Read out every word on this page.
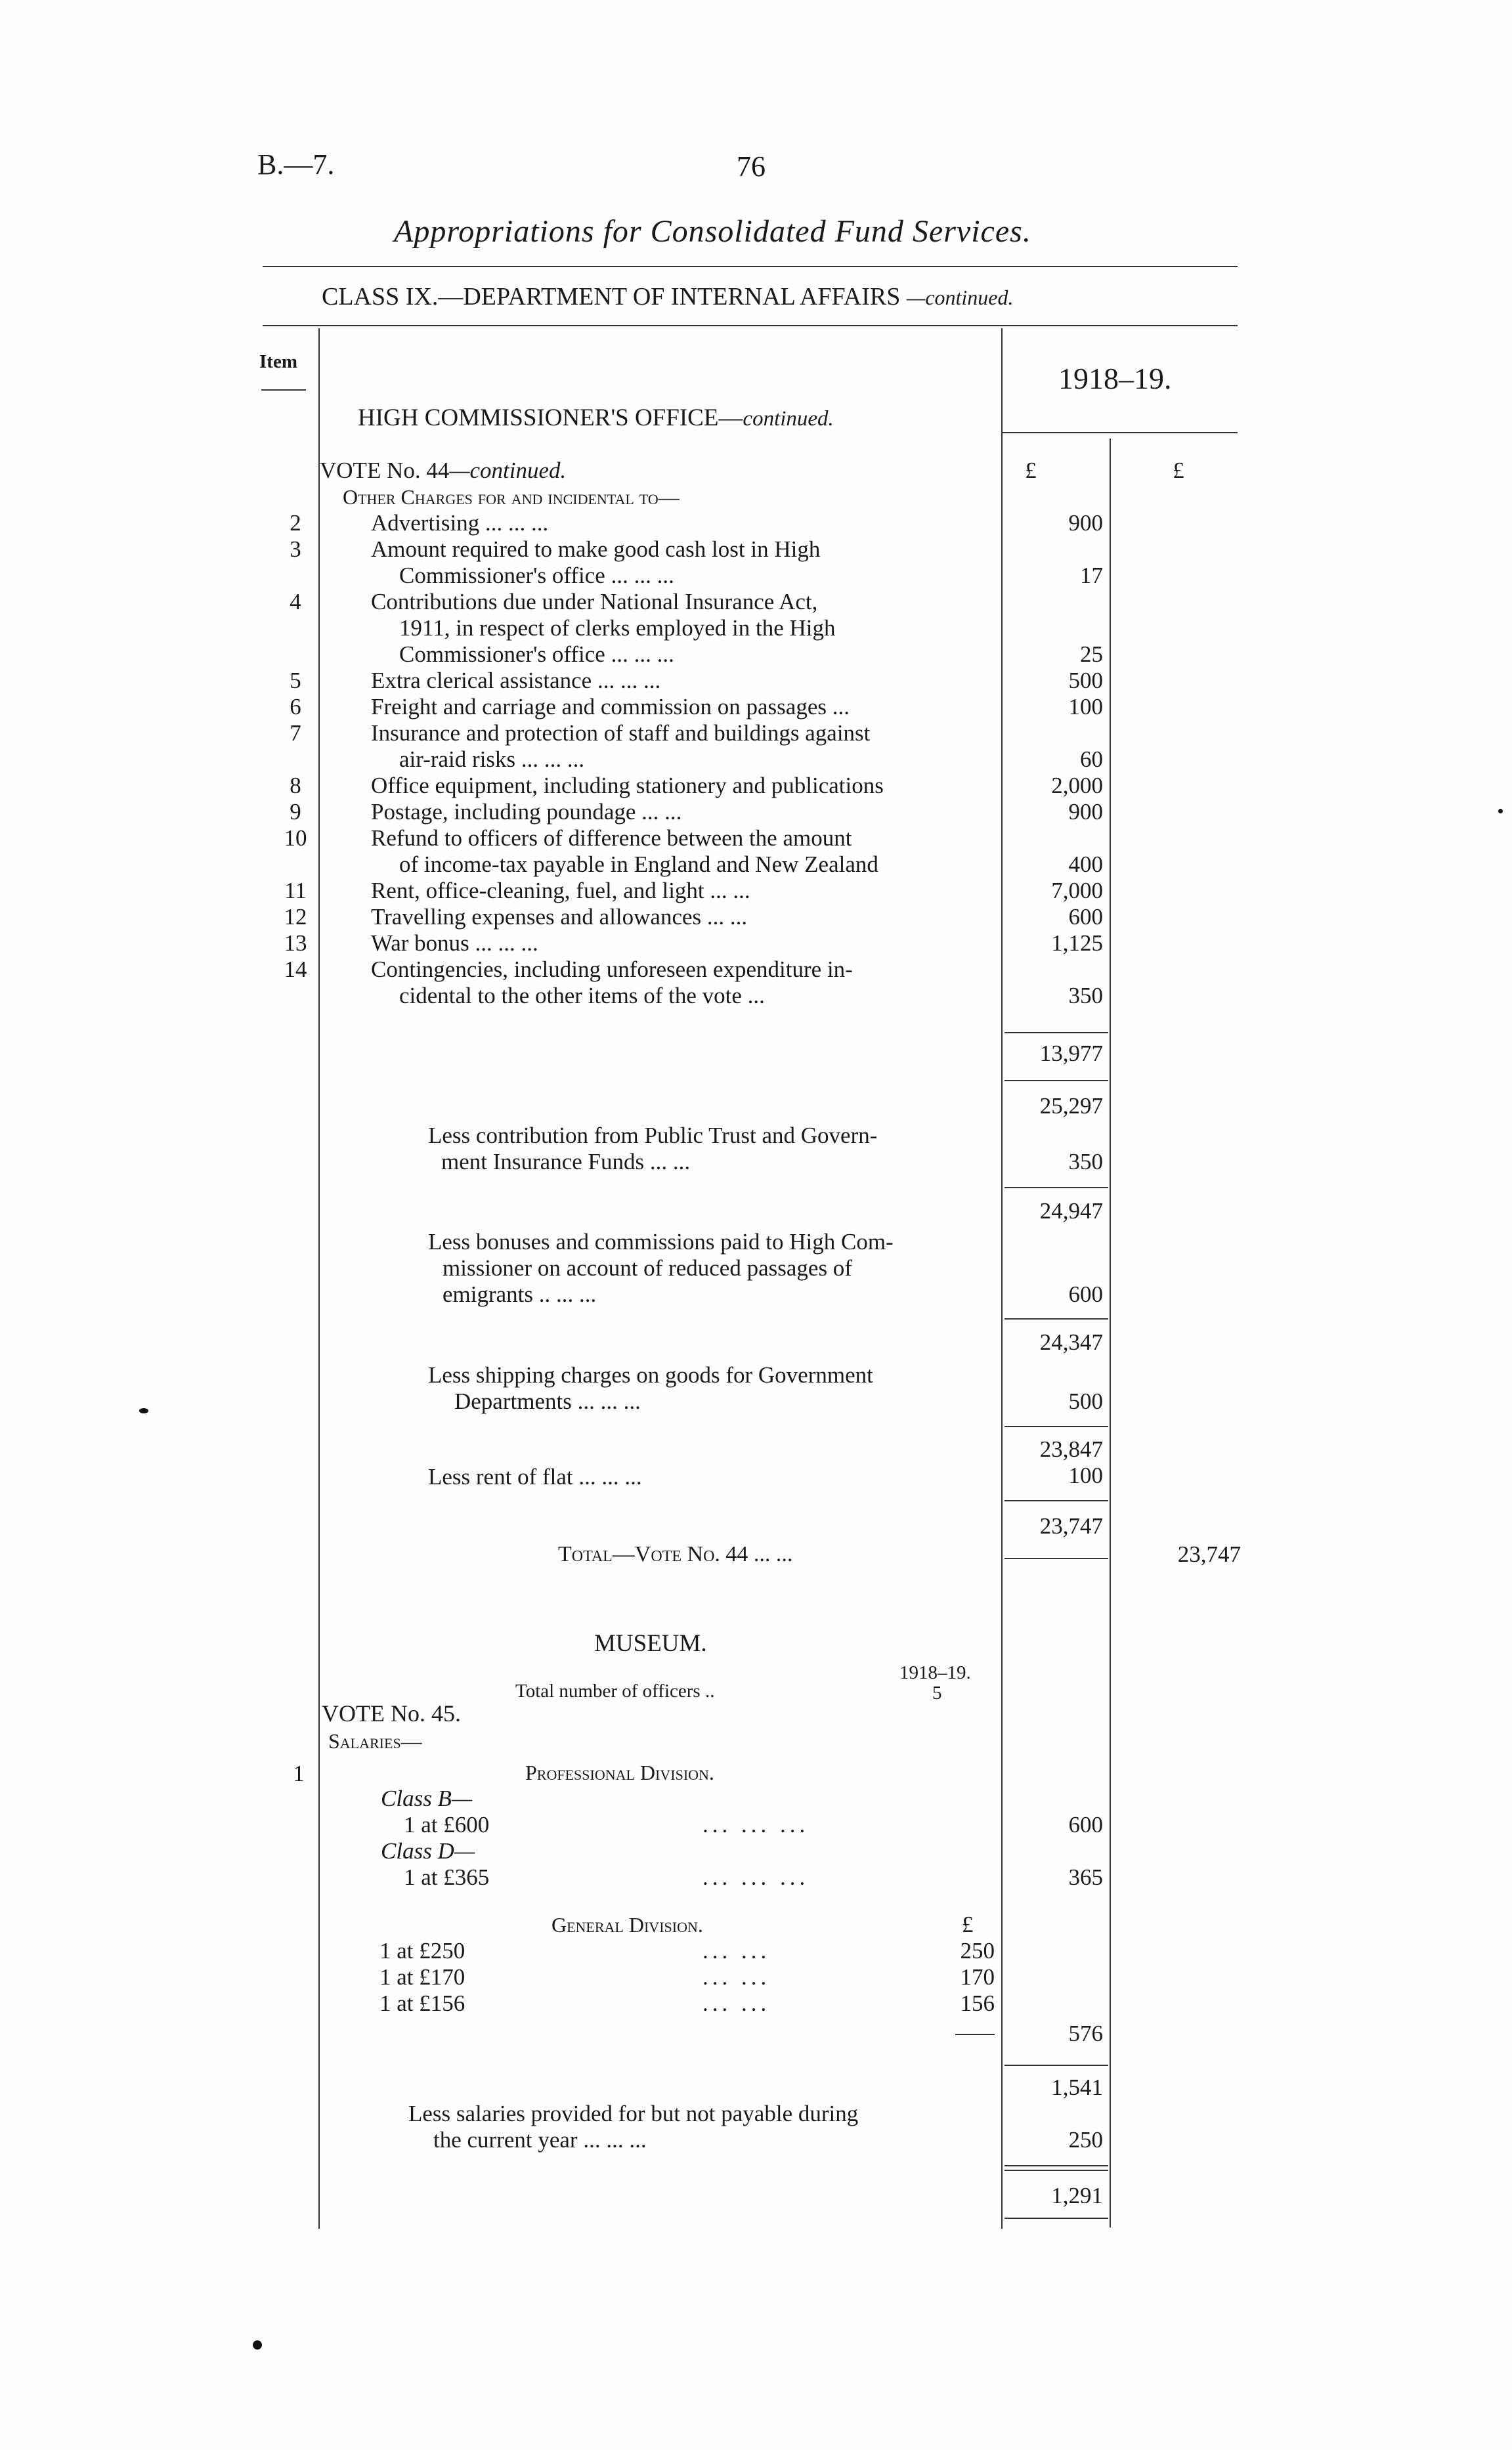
B.—7.	76
Appropriations for Consolidated Fund Services.
CLASS IX.—DEPARTMENT OF INTERNAL AFFAIRS —continued.
Item	1918–19.
HIGH COMMISSIONER'S OFFICE—continued.
VOTE No. 44—continued.	£	£
Other Charges for and incidental to—
2	Advertising ... ... ...	900
3	Amount required to make good cash lost in High
Commissioner's office ... ... ...	17
4	Contributions due under National Insurance Act,
1911, in respect of clerks employed in the High
Commissioner's office ... ... ...	25
5	Extra clerical assistance ... ... ...	500
6	Freight and carriage and commission on passages ...	100
7	Insurance and protection of staff and buildings against
air-raid risks ... ... ...	60
8	Office equipment, including stationery and publications	2,000
9	Postage, including poundage ... ...	900
10	Refund to officers of difference between the amount
of income-tax payable in England and New Zealand	400
11	Rent, office-cleaning, fuel, and light ... ...	7,000
12	Travelling expenses and allowances ... ...	600
13	War bonus ... ... ...	1,125
14	Contingencies, including unforeseen expenditure in-
cidental to the other items of the vote ...	350
13,977
25,297
Less contribution from Public Trust and Govern-
ment Insurance Funds ... ...	350
24,947
Less bonuses and commissions paid to High Com-
missioner on account of reduced passages of
emigrants .. ... ...	600
24,347
Less shipping charges on goods for Government
Departments ... ... ...	500
23,847
Less rent of flat ... ... ...	100
23,747
Total—Vote No. 44 ... ...	23,747
MUSEUM.
1918–19.
Total number of officers ..	5
VOTE No. 45.
Salaries—
1	Professional Division.
Class B—
1 at £600	... ... ...	600
Class D—
1 at £365	... ... ...	365
General Division.	£
1 at £250	... ...	250
1 at £170	... ...	170
1 at £156	... ...	156
576
1,541
Less salaries provided for but not payable during
the current year ... ... ...	250
1,291
